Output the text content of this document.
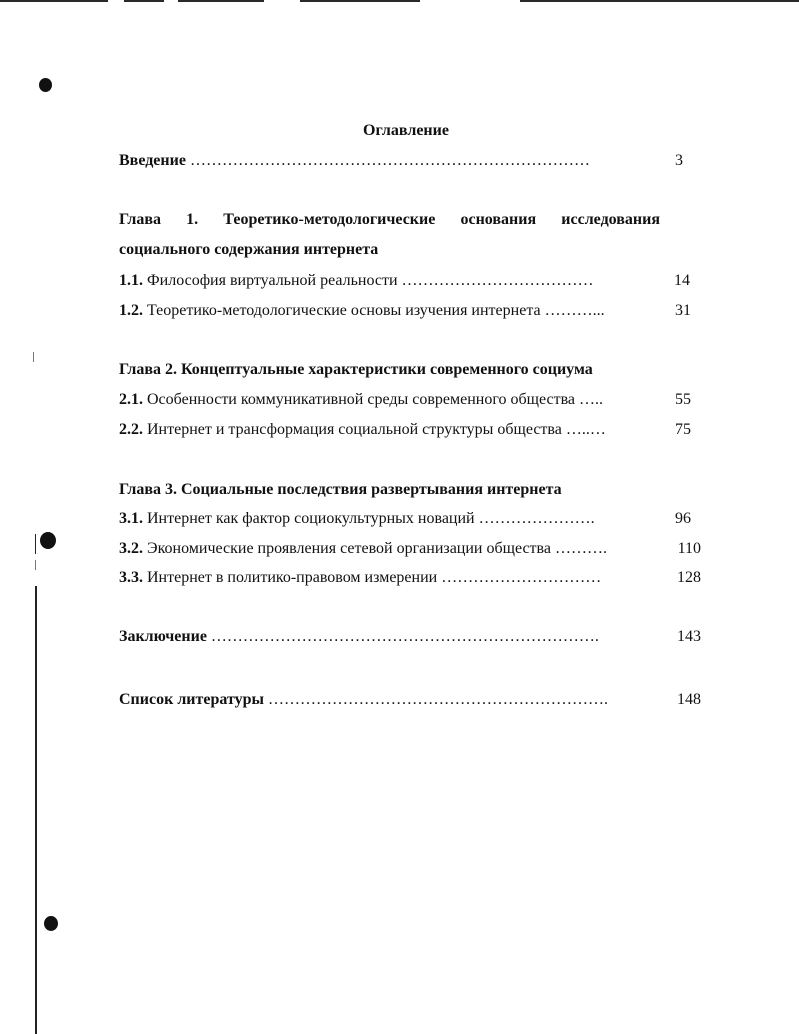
Оглавление
Введение …………………………………………………………………	3
Глава 1. Теоретико-методологические основания исследования
социального содержания интернета
1.1. Философия виртуальной реальности ………………………………	14
1.2. Теоретико-методологические основы изучения интернета ………...	31
Глава 2. Концептуальные характеристики современного социума
2.1. Особенности коммуникативной среды современного общества …..	55
2.2. Интернет и трансформация социальной структуры общества …..…	75
Глава 3. Социальные последствия развертывания интернета
3.1. Интернет как фактор социокультурных новаций ………………….	96
3.2. Экономические проявления сетевой организации общества ……….	110
3.3. Интернет в политико-правовом измерении …………………………	128
Заключение ……………………………………………………………….	143
Список литературы ……………………………………………………….	148
